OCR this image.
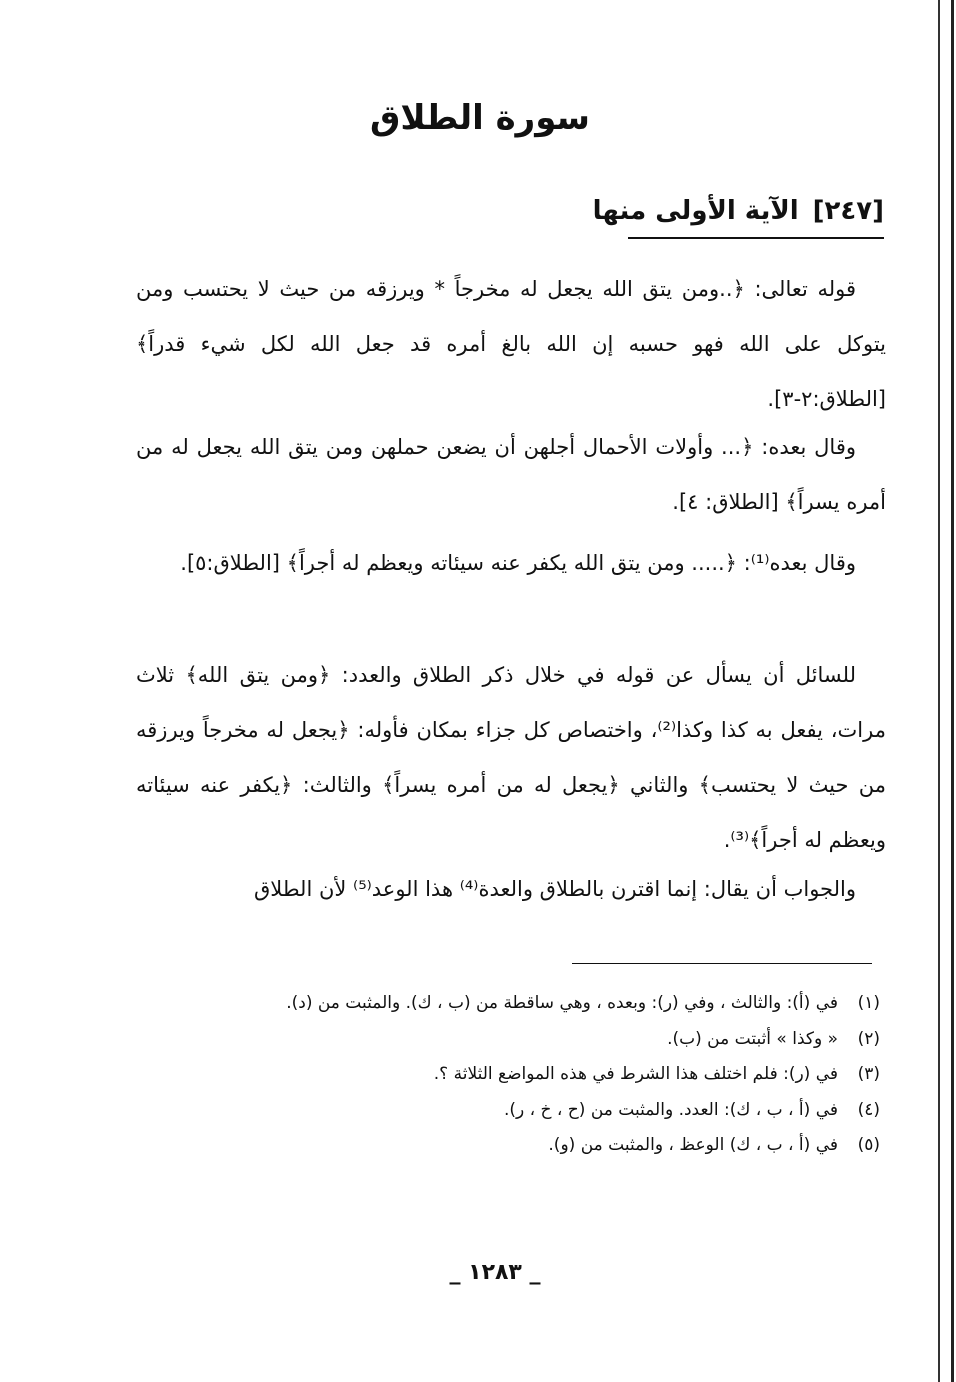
سورة الطلاق
[٢٤٧]الآية الأولى منها

قوله تعالى: ﴿..ومن يتق الله يجعل له مخرجاً * ويرزقه من حيث لا يحتسب ومن يتوكل على الله فهو حسبه إن الله بالغ أمره قد جعل الله لكل شيء قدراً﴾ [الطلاق:٢-٣].

وقال بعده: ﴿... وأولات الأحمال أجلهن أن يضعن حملهن ومن يتق الله يجعل له من أمره يسراً﴾ [الطلاق: ٤].

وقال بعده⁽¹⁾: ﴿..... ومن يتق الله يكفر عنه سيئاته ويعظم له أجراً﴾ [الطلاق:٥].

للسائل أن يسأل عن قوله في خلال ذكر الطلاق والعدد: ﴿ومن يتق الله﴾ ثلاث مرات، يفعل به كذا وكذا⁽²⁾، واختصاص كل جزاء بمكان فأوله: ﴿يجعل له مخرجاً ويرزقه من حيث لا يحتسب﴾ والثاني ﴿يجعل له من أمره يسراً﴾ والثالث: ﴿يكفر عنه سيئاته ويعظم له أجراً﴾⁽³⁾.

والجواب أن يقال: إنما اقترن بالطلاق والعدة⁽⁴⁾ هذا الوعد⁽⁵⁾ لأن الطلاق

(١)
في (أ): والثالث ، وفي (ر): وبعده ، وهي ساقطة من (ب ، ك). والمثبت من (د).
(٢)
« وكذا » أثبتت من (ب).
(٣)
في (ر): فلم اختلف هذا الشرط في هذه المواضع الثلاثة ؟.
(٤)
في (أ ، ب ، ك): العدد. والمثبت من (ح ، خ ، ر).
(٥)
في (أ ، ب ، ك) الوعظ ، والمثبت من (و).
_ ١٢٨٣ _
